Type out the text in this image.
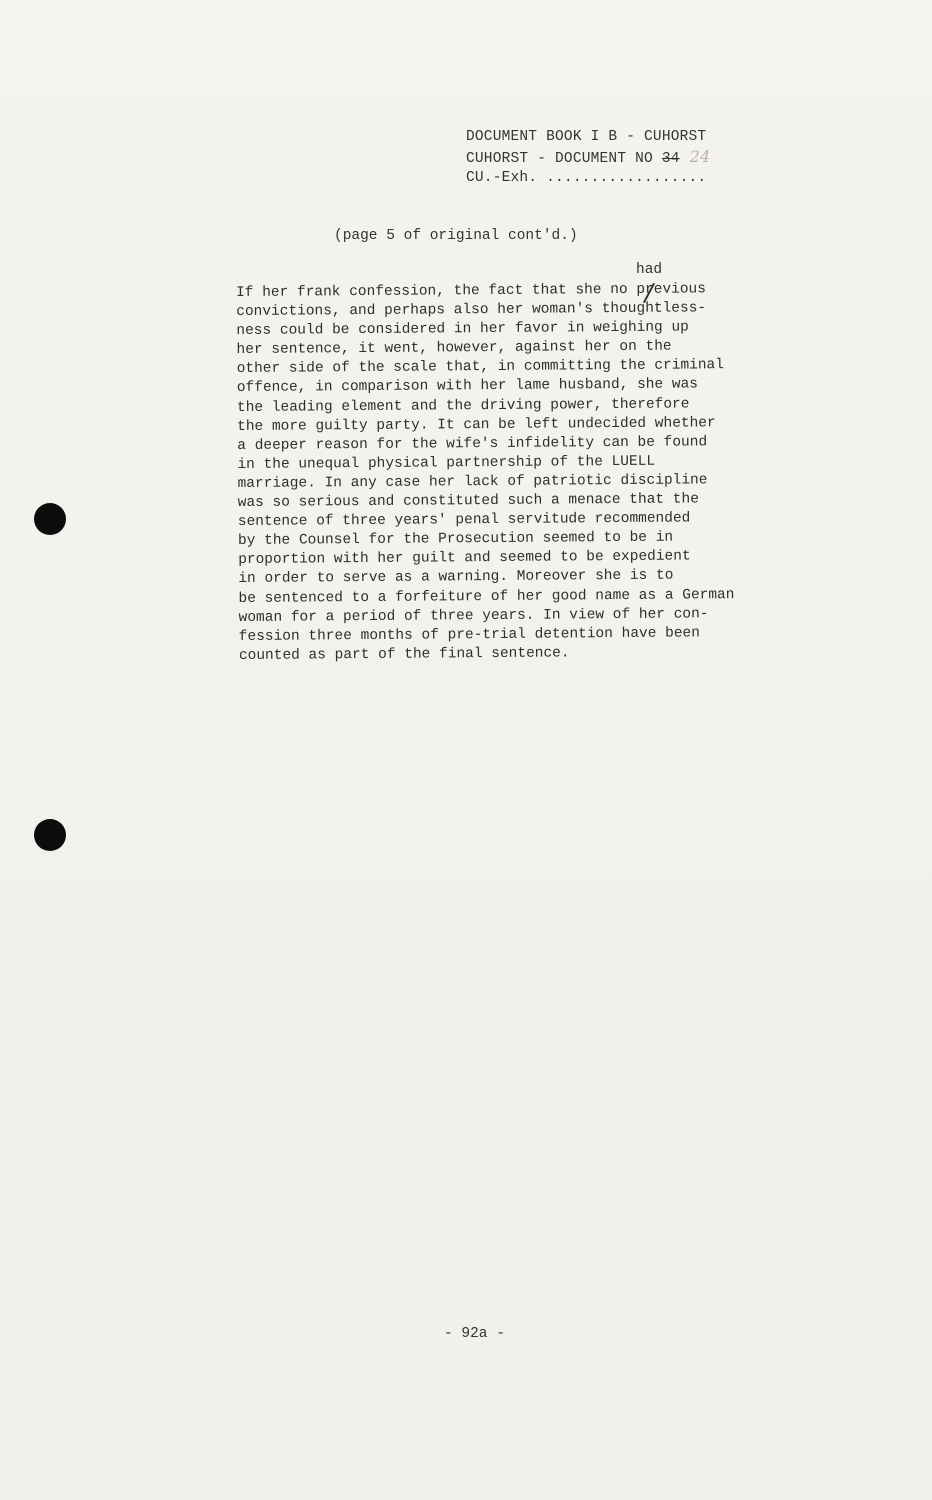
DOCUMENT BOOK I B - CUHORST
CUHORST - DOCUMENT NO 34 24
CU.-Exh. ..................
(page 5 of original cont'd.)
had
If her frank confession, the fact that she no previous
convictions, and perhaps also her woman's thoughtless-
ness could be considered in her favor in weighing up
her sentence, it went, however, against her on the
other side of the scale that, in committing the criminal
offence, in comparison with her lame husband, she was
the leading element and the driving power, therefore
the more guilty party. It can be left undecided whether
a deeper reason for the wife's infidelity can be found
in the unequal physical partnership of the LUELL
marriage. In any case her lack of patriotic discipline
was so serious and constituted such a menace that the
sentence of three years' penal servitude recommended
by the Counsel for the Prosecution seemed to be in
proportion with her guilt and seemed to be expedient
in order to serve as a warning. Moreover she is to
be sentenced to a forfeiture of her good name as a German
woman for a period of three years. In view of her con-
fession three months of pre-trial detention have been
counted as part of the final sentence.
- 92a -
